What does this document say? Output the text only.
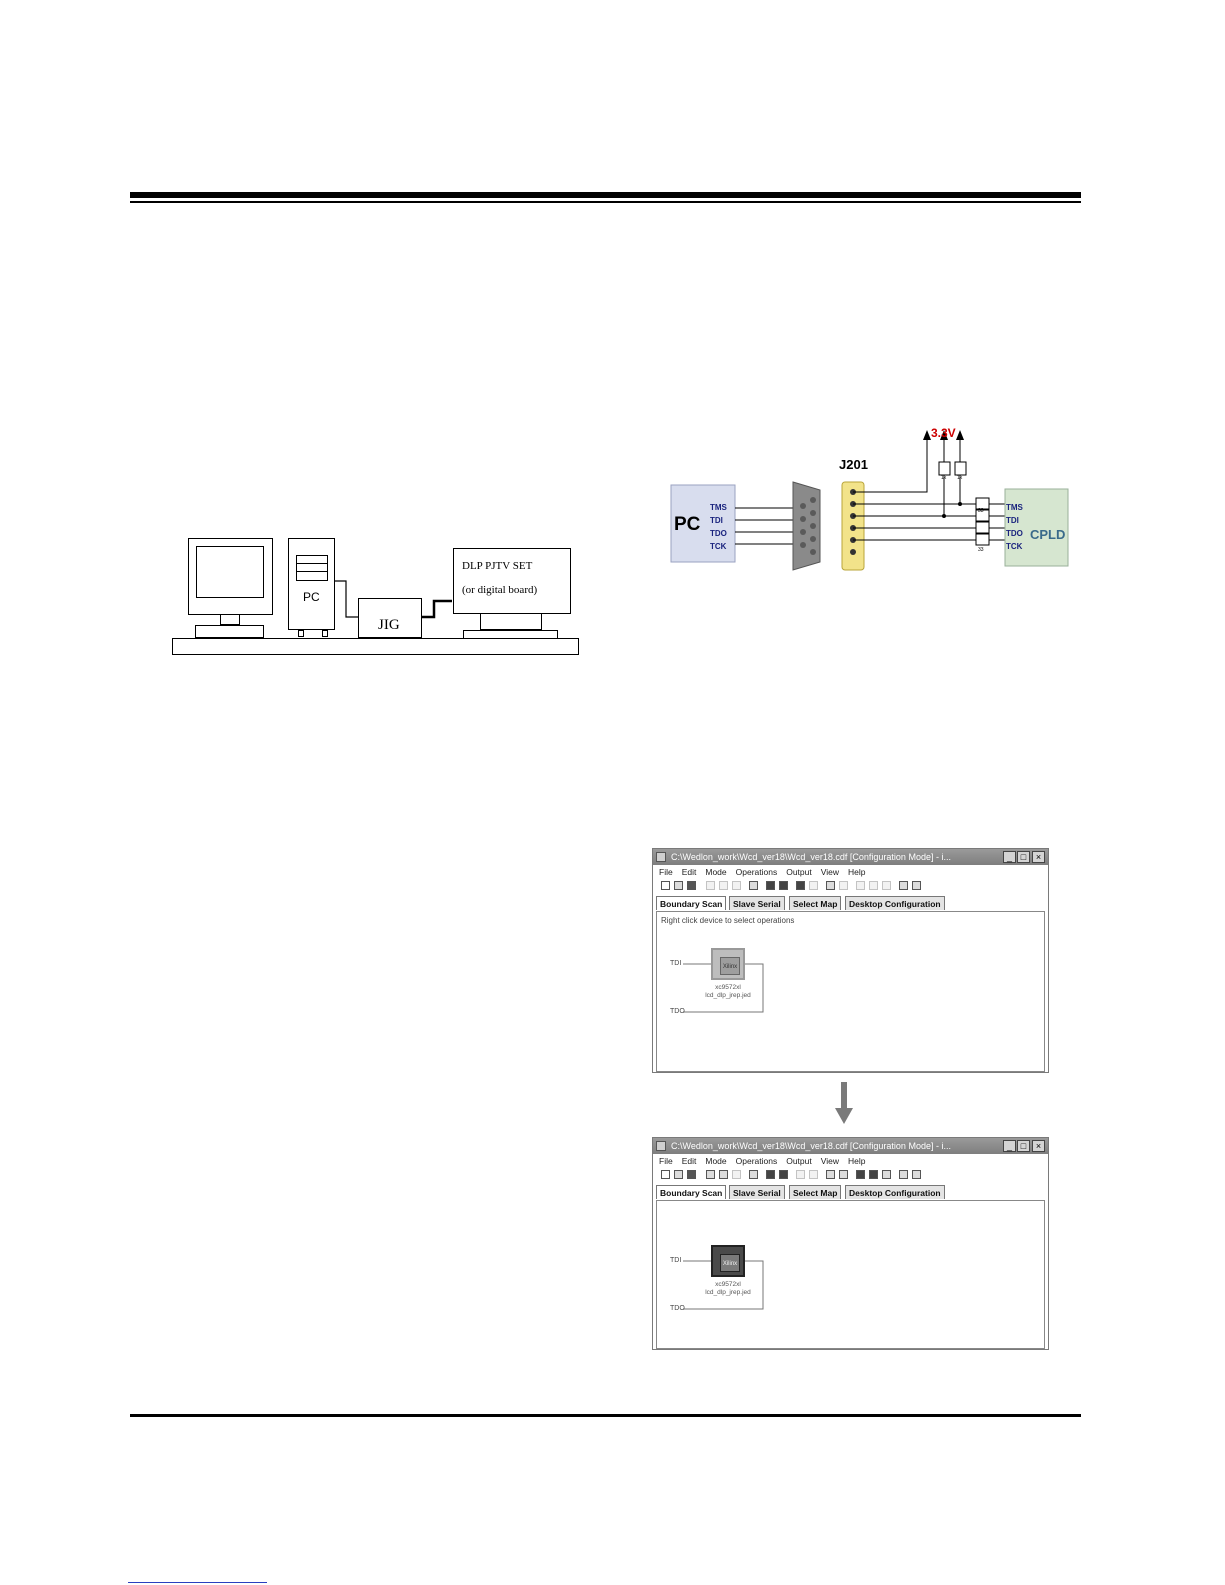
PC
JIG
DLP PJTV SET
(or digital board)
3.3V
J201
PC
TMS
TDI
TDO
TCK
1k 1k
33
33
TMS
TDI
TDO
TCK
CPLD
C:\Wedlon_work\Wcd_ver18\Wcd_ver18.cdf [Configuration Mode] - i...	_ □	×
File Edit Mode Operations Output View Help
Boundary Scan	Slave Serial	Select Map	Desktop Configuration
Right click device to select operations
TDI
TDO
Xilinx
xc9572xl
lcd_dlp_jrep.jed
C:\Wedlon_work\Wcd_ver18\Wcd_ver18.cdf [Configuration Mode] - i...	_ □	×
File Edit Mode Operations Output View Help
Boundary Scan	Slave Serial	Select Map	Desktop Configuration
TDI
TDO
Xilinx
xc9572xl
lcd_dlp_jrep.jed
